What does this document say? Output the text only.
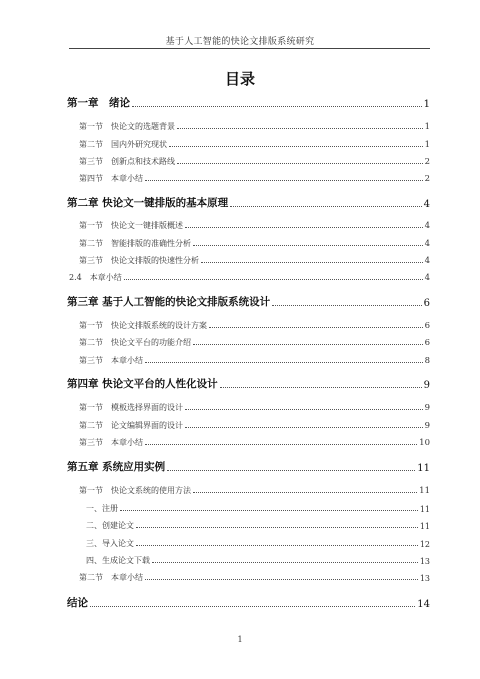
基于人工智能的快论文排版系统研究
目录
第一章　绪论	1
第一节　快论文的选题背景	1
第二节　国内外研究现状	1
第三节　创新点和技术路线	2
第四节　本章小结	2
第二章 快论文一键排版的基本原理	4
第一节　快论文一键排版概述	4
第二节　智能排版的准确性分析	4
第三节　快论文排版的快速性分析	4
2.4　本章小结	4
第三章 基于人工智能的快论文排版系统设计	6
第一节　快论文排版系统的设计方案	6
第二节　快论文平台的功能介绍	6
第三节　本章小结	8
第四章 快论文平台的人性化设计	9
第一节　模板选择界面的设计	9
第二节　论文编辑界面的设计	9
第三节　本章小结	10
第五章 系统应用实例	11
第一节　快论文系统的使用方法	11
一、注册	11
二、创建论文	11
三、导入论文	12
四、生成论文下载	13
第二节　本章小结	13
结论	14
1
